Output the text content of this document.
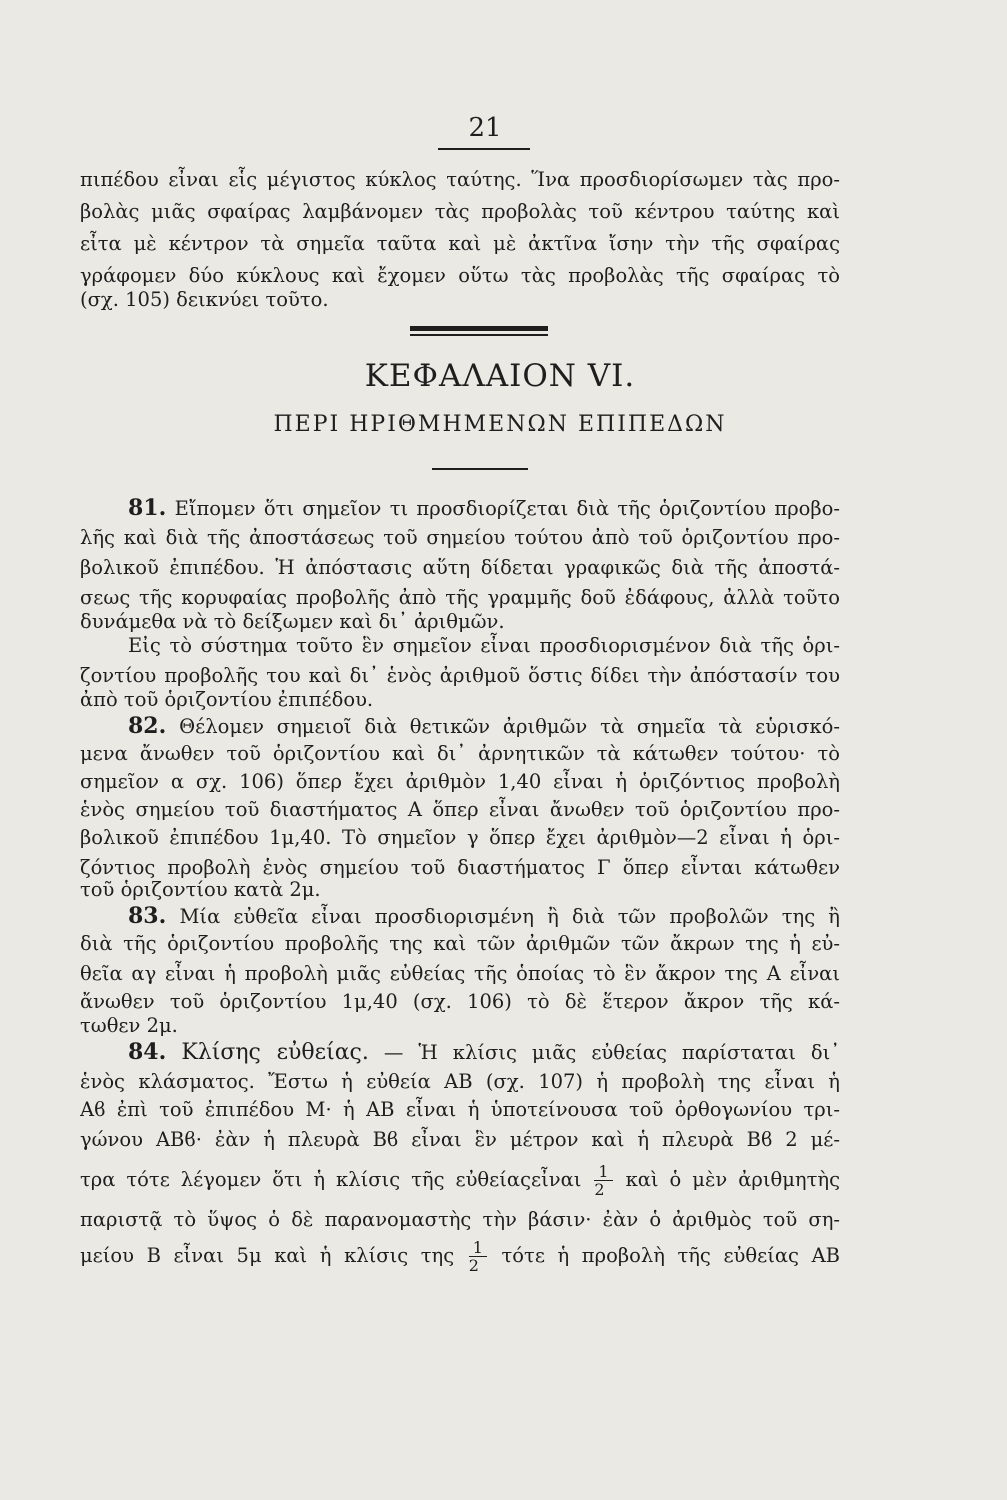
21
πιπέδου εἶναι εἷς μέγιστος κύκλος ταύτης. Ἵνα προσδιορίσωμεν τὰς προ-
βολὰς μιᾶς σφαίρας λαμβάνομεν τὰς προβολὰς τοῦ κέντρου ταύτης καὶ
εἶτα μὲ κέντρον τὰ σημεῖα ταῦτα καὶ μὲ ἀκτῖνα ἴσην τὴν τῆς σφαίρας
γράφομεν δύο κύκλους καὶ ἔχομεν οὕτω τὰς προβολὰς τῆς σφαίρας τὸ
(σχ. 105) δεικνύει τοῦτο.
ΚΕΦΑΛΑΙΟΝ VI.
ΠΕΡΙ ΗΡΙΘΜΗΜΕΝΩΝ ΕΠΙΠΕΔΩΝ
81. Εἴπομεν ὅτι σημεῖον τι προσδιορίζεται διὰ τῆς ὁριζοντίου προβο-
λῆς καὶ διὰ τῆς ἀποστάσεως τοῦ σημείου τούτου ἀπὸ τοῦ ὁριζοντίου προ-
βολικοῦ ἐπιπέδου. Ἡ ἀπόστασις αὕτη δίδεται γραφικῶς διὰ τῆς ἀποστά-
σεως τῆς κορυφαίας προβολῆς ἀπὸ τῆς γραμμῆς δοῦ ἐδάφους, ἀλλὰ τοῦτο
δυνάμεθα νὰ τὸ δείξωμεν καὶ δι᾽ ἀριθμῶν.
Εἰς τὸ σύστημα τοῦτο ἓν σημεῖον εἶναι προσδιορισμένον διὰ τῆς ὁρι-
ζοντίου προβολῆς του καὶ δι᾽ ἑνὸς ἀριθμοῦ ὅστις δίδει τὴν ἀπόστασίν του
ἀπὸ τοῦ ὁριζοντίου ἐπιπέδου.
82. Θέλομεν σημειοῖ διὰ θετικῶν ἀριθμῶν τὰ σημεῖα τὰ εὑρισκό-
μενα ἄνωθεν τοῦ ὁριζοντίου καὶ δι᾽ ἀρνητικῶν τὰ κάτωθεν τούτου· τὸ
σημεῖον α σχ. 106) ὅπερ ἔχει ἀριθμὸν 1,40 εἶναι ἡ ὁριζόντιος προβολὴ
ἑνὸς σημείου τοῦ διαστήματος Α ὅπερ εἶναι ἄνωθεν τοῦ ὁριζοντίου προ-
βολικοῦ ἐπιπέδου 1μ,40. Τὸ σημεῖον γ ὅπερ ἔχει ἀριθμὸν—2 εἶναι ἡ ὁρι-
ζόντιος προβολὴ ἑνὸς σημείου τοῦ διαστήματος Γ ὅπερ εἶνται κάτωθεν
τοῦ ὁριζοντίου κατὰ 2μ.
83. Μία εὐθεῖα εἶναι προσδιορισμένη ἢ διὰ τῶν προβολῶν της ἢ
διὰ τῆς ὁριζοντίου προβολῆς της καὶ τῶν ἀριθμῶν τῶν ἄκρων της ἡ εὐ-
θεῖα αγ εἶναι ἡ προβολὴ μιᾶς εὐθείας τῆς ὁποίας τὸ ἓν ἄκρον της Α εἶναι
ἄνωθεν τοῦ ὁριζοντίου 1μ,40 (σχ. 106) τὸ δὲ ἕτερον ἄκρον τῆς κά-
τωθεν 2μ.
84. Κλίσης εὐθείας. — Ἡ κλίσις μιᾶς εὐθείας παρίσταται δι᾽
ἑνὸς κλάσματος. Ἔστω ἡ εὐθεία ΑΒ (σχ. 107) ἡ προβολὴ της εἶναι ἡ
Αϐ ἐπὶ τοῦ ἐπιπέδου Μ· ἡ ΑΒ εἶναι ἡ ὑποτείνουσα τοῦ ὀρθογωνίου τρι-
γώνου ΑΒϐ· ἐὰν ἡ πλευρὰ Βϐ εἶναι ἓν μέτρον καὶ ἡ πλευρὰ Βϐ 2 μέ-
τρα τότε λέγομεν ὅτι ἡ κλίσις τῆς εὐθείαςεἶναι $\frac{1}{2}$ καὶ ὁ μὲν ἀριθμητὴς
παριστᾷ τὸ ὕψος ὁ δὲ παρανομαστὴς τὴν βάσιν· ἐὰν ὁ ἀριθμὸς τοῦ ση-
μείου Β εἶναι 5μ καὶ ἡ κλίσις της $\frac{1}{2}$ τότε ἡ προβολὴ τῆς εὐθείας ΑΒ
